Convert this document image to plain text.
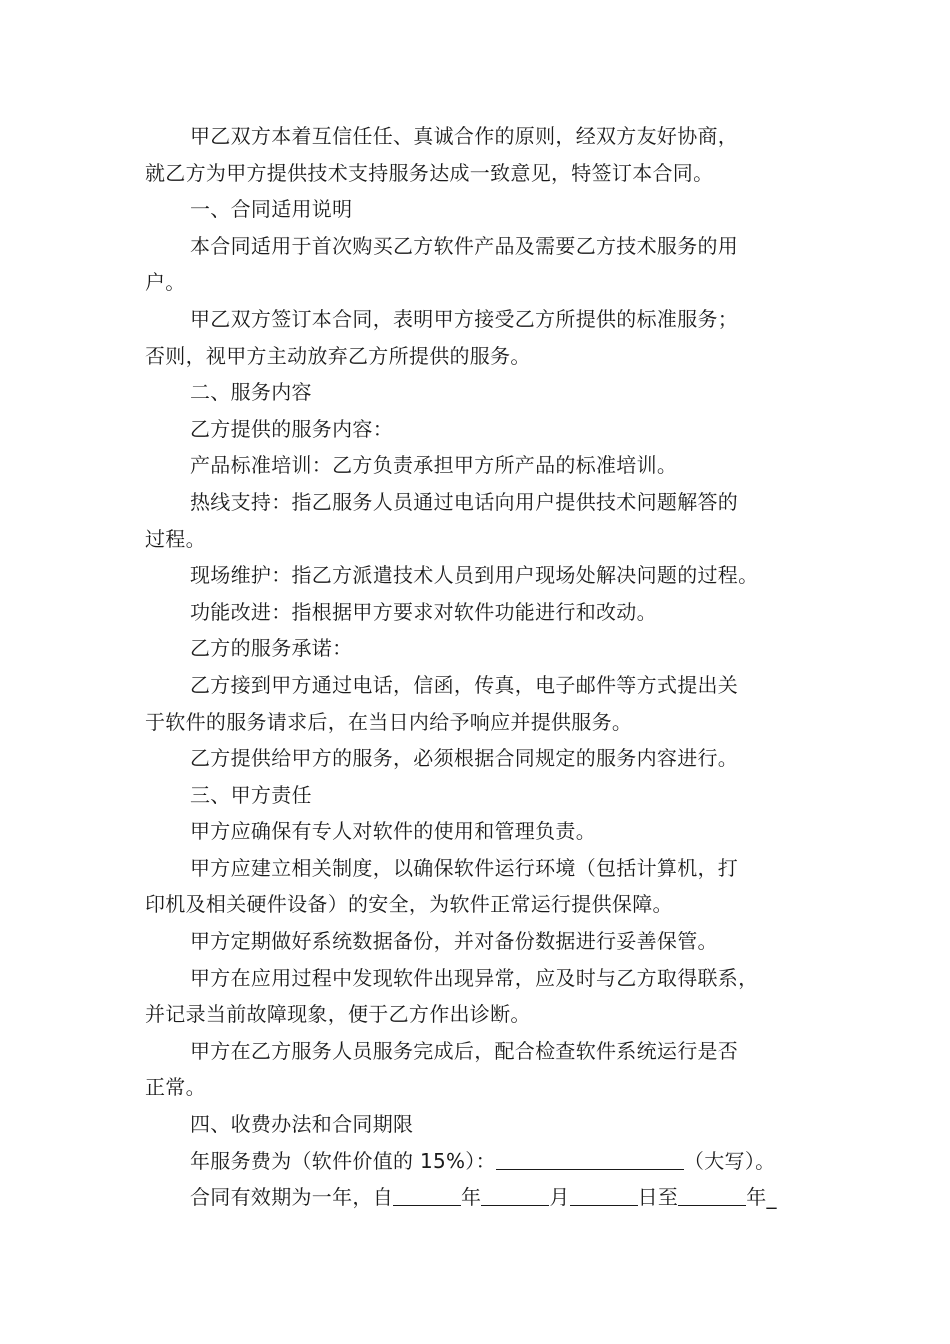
甲乙双方本着互信任任、真诚合作的原则，经双方友好协商，
就乙方为甲方提供技术支持服务达成一致意见，特签订本合同。

一、合同适用说明

本合同适用于首次购买乙方软件产品及需要乙方技术服务的用
户。

甲乙双方签订本合同，表明甲方接受乙方所提供的标准服务；
否则，视甲方主动放弃乙方所提供的服务。

二、服务内容

乙方提供的服务内容：

产品标准培训：乙方负责承担甲方所产品的标准培训。

热线支持：指乙服务人员通过电话向用户提供技术问题解答的
过程。

现场维护：指乙方派遣技术人员到用户现场处解决问题的过程。

功能改进：指根据甲方要求对软件功能进行和改动。

乙方的服务承诺：

乙方接到甲方通过电话，信函，传真，电子邮件等方式提出关
于软件的服务请求后，在当日内给予响应并提供服务。

乙方提供给甲方的服务，必须根据合同规定的服务内容进行。

三、甲方责任

甲方应确保有专人对软件的使用和管理负责。

甲方应建立相关制度，以确保软件运行环境（包括计算机，打
印机及相关硬件设备）的安全，为软件正常运行提供保障。

甲方定期做好系统数据备份，并对备份数据进行妥善保管。

甲方在应用过程中发现软件出现异常，应及时与乙方取得联系，
并记录当前故障现象，便于乙方作出诊断。

甲方在乙方服务人员服务完成后，配合检查软件系统运行是否
正常。

四、收费办法和合同期限

年服务费为（软件价值的 15%）：	（大写）。

合同有效期为一年，自	年	月	日至	年_
